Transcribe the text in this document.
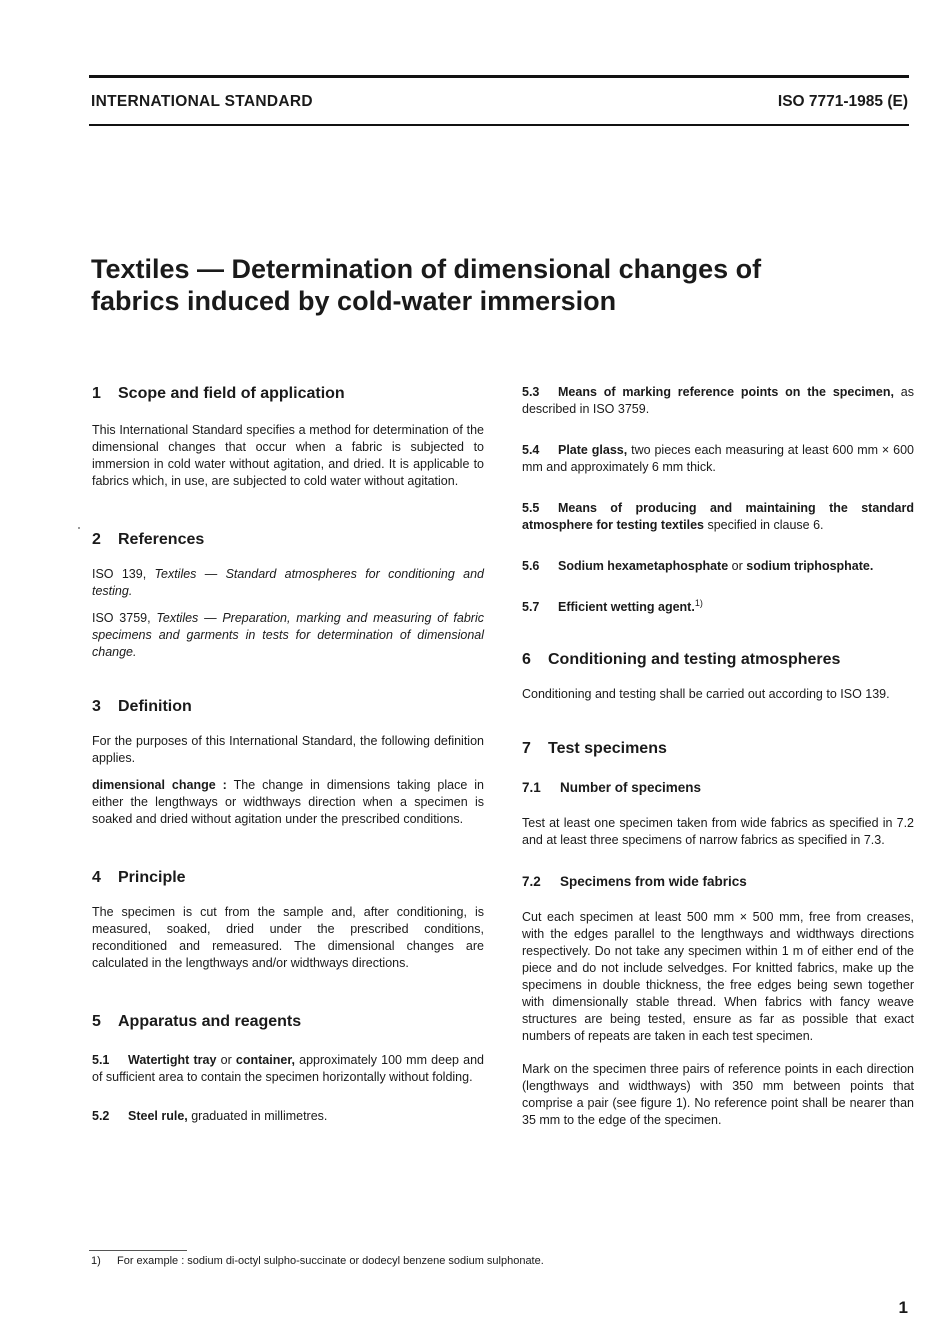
INTERNATIONAL STANDARD	ISO 7771-1985 (E)
Textiles — Determination of dimensional changes of
fabrics induced by cold-water immersion
1 Scope and field of application

This International Standard specifies a method for determination of the dimensional changes that occur when a fabric is subjected to immersion in cold water without agitation, and dried. It is applicable to fabrics which, in use, are subjected to cold water without agitation.

2 References

ISO 139, Textiles — Standard atmospheres for conditioning and testing.

ISO 3759, Textiles — Preparation, marking and measuring of fabric specimens and garments in tests for determination of dimensional change.

3 Definition

For the purposes of this International Standard, the following definition applies.

dimensional change : The change in dimensions taking place in either the lengthways or widthways direction when a specimen is soaked and dried without agitation under the prescribed conditions.

4 Principle

The specimen is cut from the sample and, after conditioning, is measured, soaked, dried under the prescribed conditions, reconditioned and remeasured. The dimensional changes are calculated in the lengthways and/or widthways directions.

5 Apparatus and reagents

5.1 Watertight tray or container, approximately 100 mm deep and of sufficient area to contain the specimen horizontally without folding.

5.2 Steel rule, graduated in millimetres.

5.3 Means of marking reference points on the specimen, as described in ISO 3759.

5.4 Plate glass, two pieces each measuring at least 600 mm × 600 mm and approximately 6 mm thick.

5.5 Means of producing and maintaining the standard atmosphere for testing textiles specified in clause 6.

5.6 Sodium hexametaphosphate or sodium triphosphate.

5.7 Efficient wetting agent.$^{1)}$

6 Conditioning and testing atmospheres

Conditioning and testing shall be carried out according to ISO 139.

7 Test specimens
7.1 Number of specimens

Test at least one specimen taken from wide fabrics as specified in 7.2 and at least three specimens of narrow fabrics as specified in 7.3.

7.2 Specimens from wide fabrics

Cut each specimen at least 500 mm × 500 mm, free from creases, with the edges parallel to the lengthways and widthways directions respectively. Do not take any specimen within 1 m of either end of the piece and do not include selvedges. For knitted fabrics, make up the specimens in double thickness, the free edges being sewn together with dimensionally stable thread. When fabrics with fancy weave structures are being tested, ensure as far as possible that exact numbers of repeats are taken in each test specimen.

Mark on the specimen three pairs of reference points in each direction (lengthways and widthways) with 350 mm between points that comprise a pair (see figure 1). No reference point shall be nearer than 35 mm to the edge of the specimen.

1) For example : sodium di-octyl sulpho-succinate or dodecyl benzene sodium sulphonate.
1
